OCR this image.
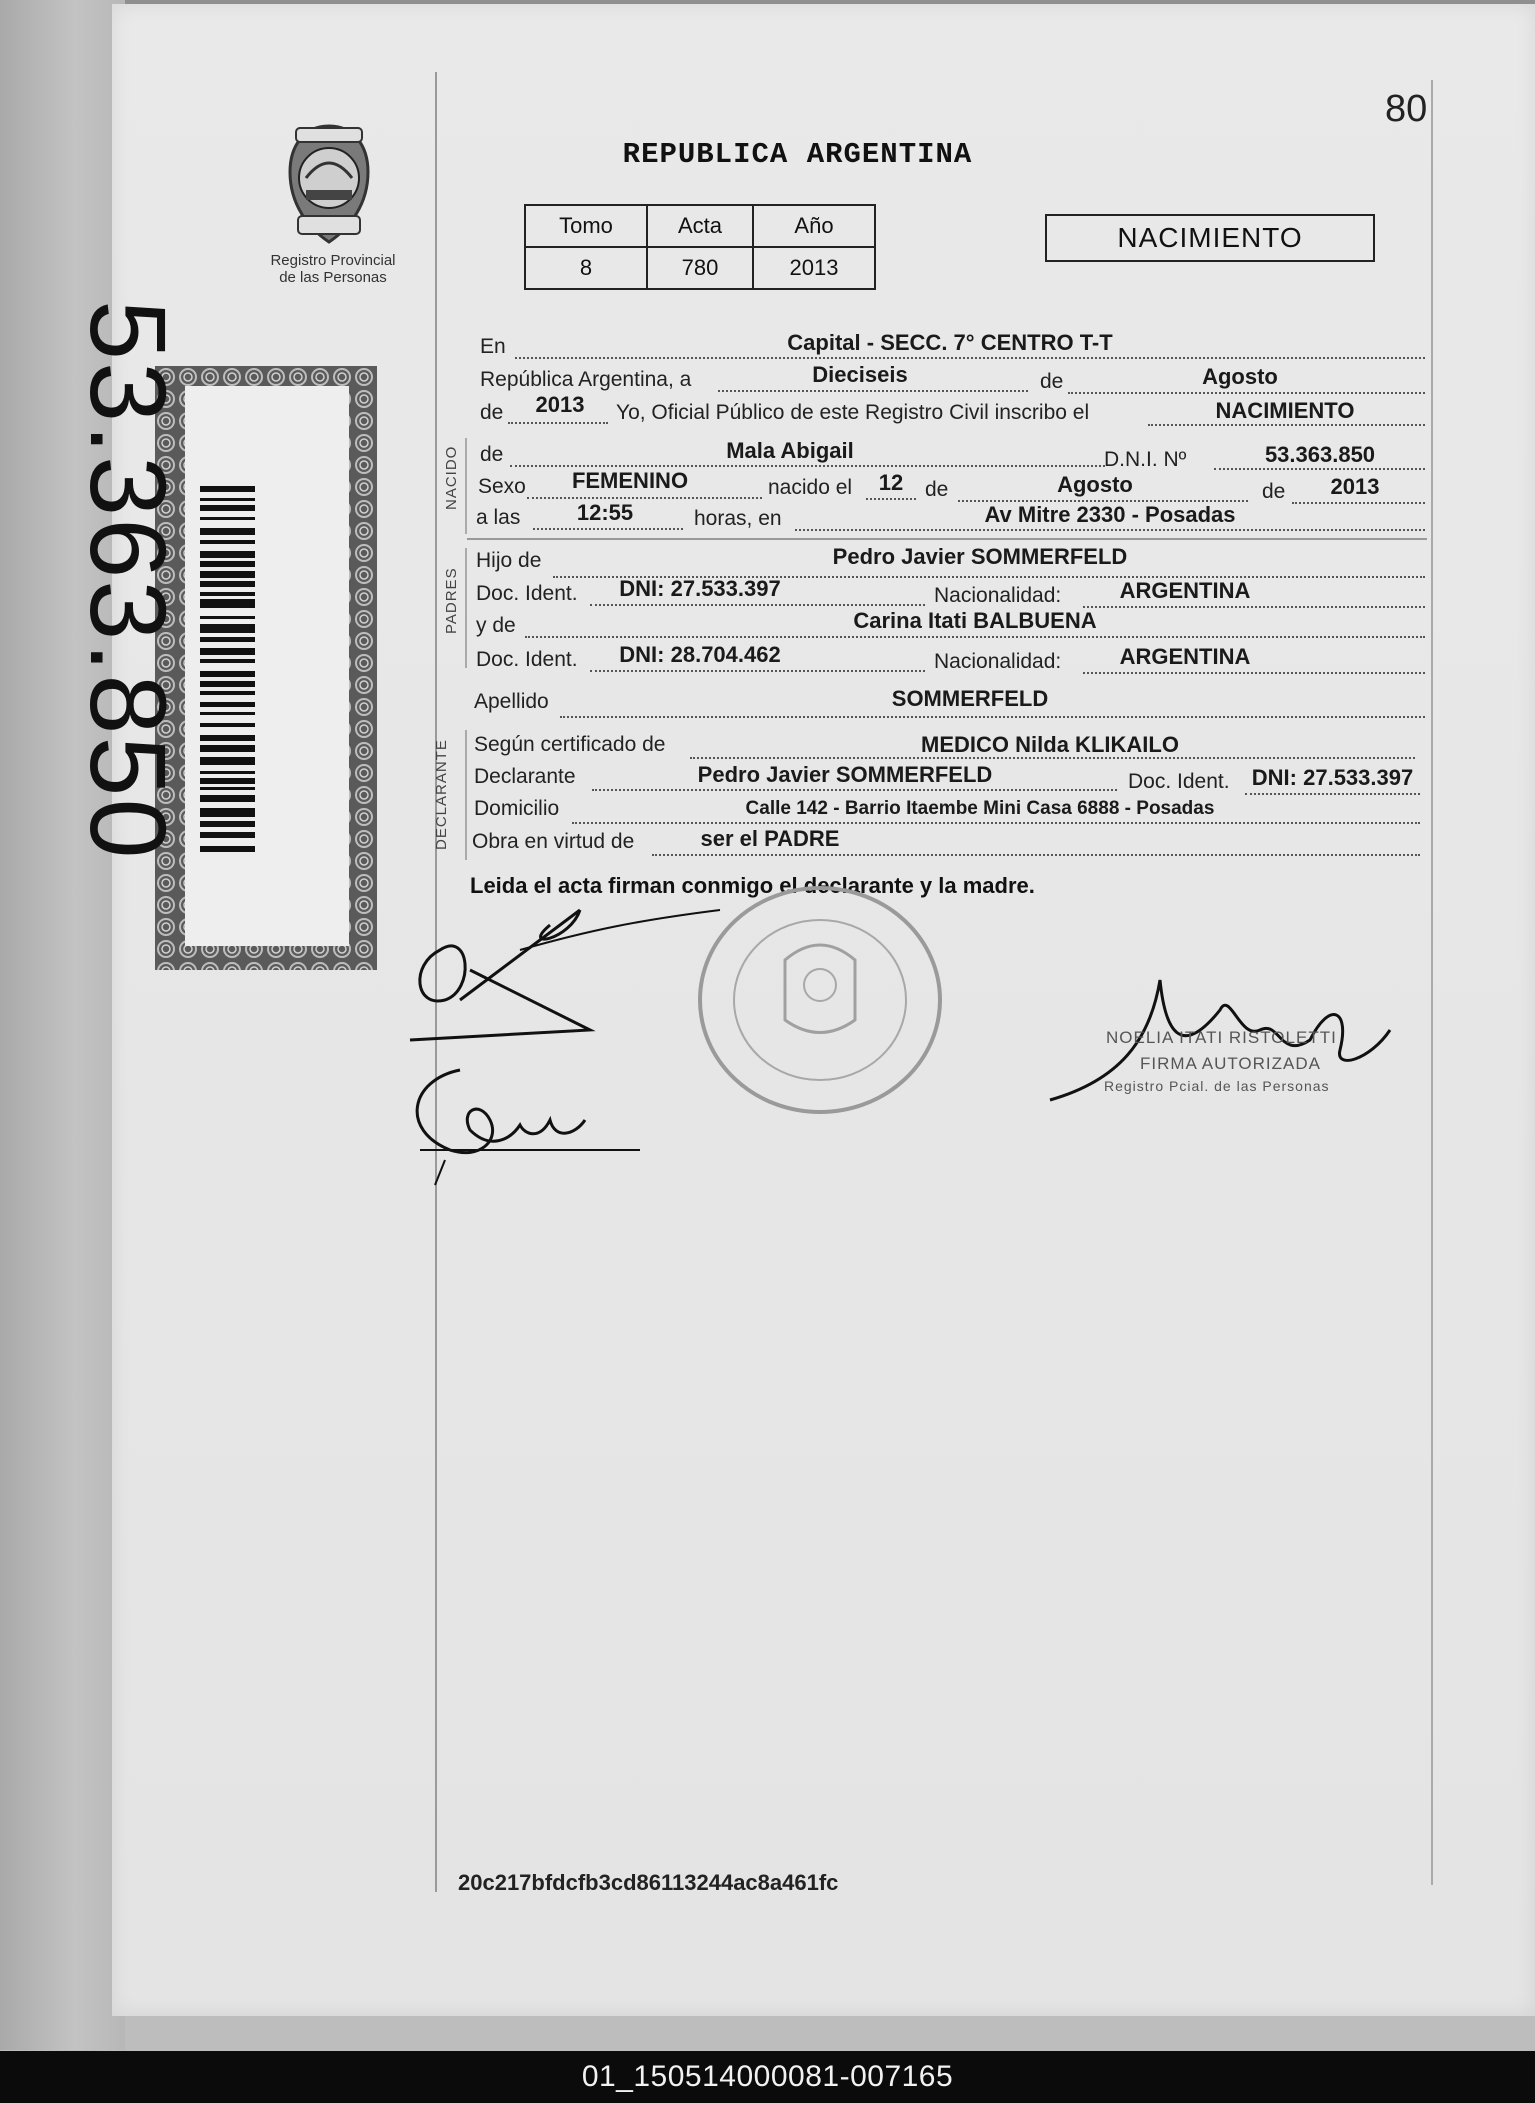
80
REPUBLICA ARGENTINA
Registro Provincial
de las Personas
Tomo	Acta	Año
8	780	2013
NACIMIENTO
53.363.850	NACIDO
PADRES
DECLARANTE
En	Capital - SECC. 7° CENTRO T-T
República Argentina, a	Dieciseis	de	Agosto
de	2013	Yo, Oficial Público de este Registro Civil inscribo el	NACIMIENTO
de	Mala Abigail	D.N.I. Nº	53.363.850
Sexo	FEMENINO	nacido el	12	de	Agosto	de	2013
a las	12:55	horas, en	Av Mitre 2330 - Posadas
Hijo de	Pedro Javier SOMMERFELD
Doc. Ident.	DNI: 27.533.397	Nacionalidad:	ARGENTINA
y de	Carina Itati BALBUENA
Doc. Ident.	DNI: 28.704.462	Nacionalidad:	ARGENTINA
Apellido	SOMMERFELD
Según certificado de	MEDICO Nilda KLIKAILO
Declarante	Pedro Javier SOMMERFELD	Doc. Ident.	DNI: 27.533.397
Domicilio	Calle 142 - Barrio Itaembe Mini Casa 6888 - Posadas
Obra en virtud de	ser el PADRE
Leida el acta firman conmigo el declarante y la madre.
NOELIA ITATI RISTOLETTI
FIRMA AUTORIZADA
Registro Pcial. de las Personas
20c217bfdcfb3cd86113244ac8a461fc
01_150514000081-007165
